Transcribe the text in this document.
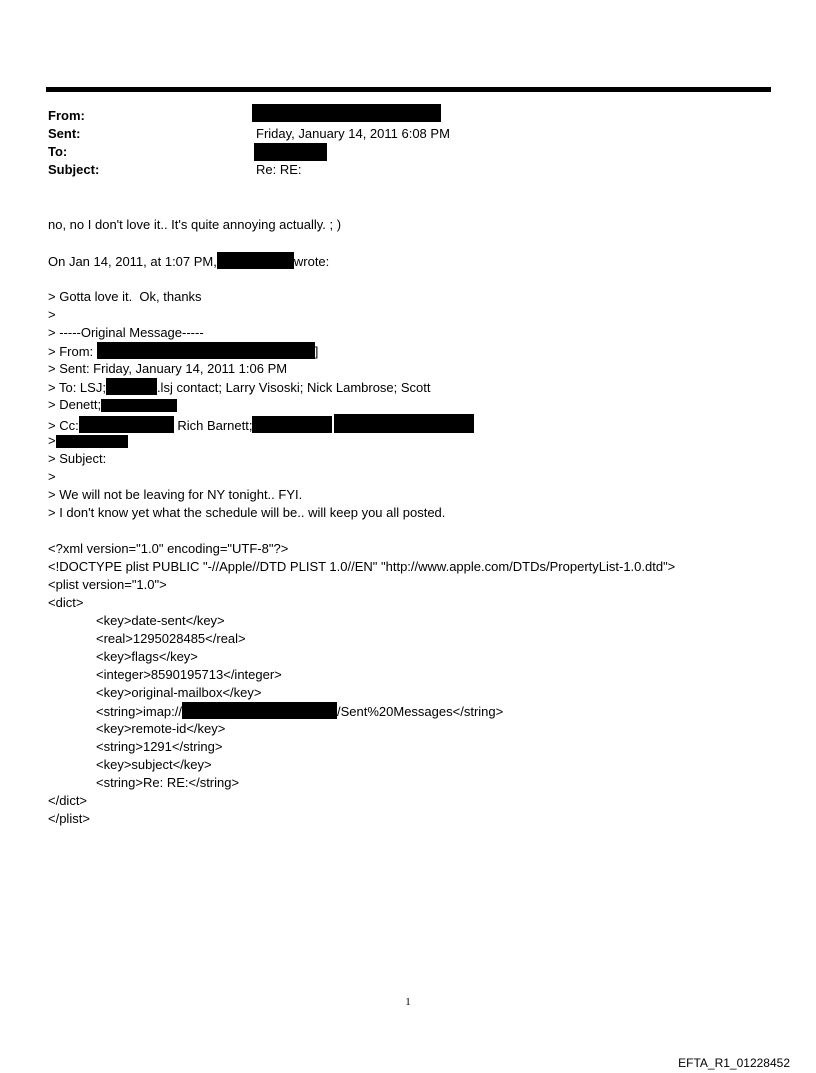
From:
Sent:	Friday, January 14, 2011 6:08 PM
To:
Subject:	Re: RE:
no, no I don't love it.. It's quite annoying actually. ; )
On Jan 14, 2011, at 1:07 PM,	wrote:
> Gotta love it.  Ok, thanks
>
> -----Original Message-----
> From:	]
> Sent: Friday, January 14, 2011 1:06 PM
> To: LSJ;	.lsj contact; Larry Visoski; Nick Lambrose; Scott
> Denett;
> Cc:	Rich Barnett;
>
> Subject:
>
> We will not be leaving for NY tonight.. FYI.
> I don't know yet what the schedule will be.. will keep you all posted.
<?xml version="1.0" encoding="UTF-8"?>
<!DOCTYPE plist PUBLIC "-//Apple//DTD PLIST 1.0//EN" "http://www.apple.com/DTDs/PropertyList-1.0.dtd">
<plist version="1.0">
<dict>
<key>date-sent</key>
<real>1295028485</real>
<key>flags</key>
<integer>8590195713</integer>
<key>original-mailbox</key>
<string>imap://	/Sent%20Messages</string>
<key>remote-id</key>
<string>1291</string>
<key>subject</key>
<string>Re: RE:</string>
</dict>
</plist>
1
EFTA_R1_01228452
